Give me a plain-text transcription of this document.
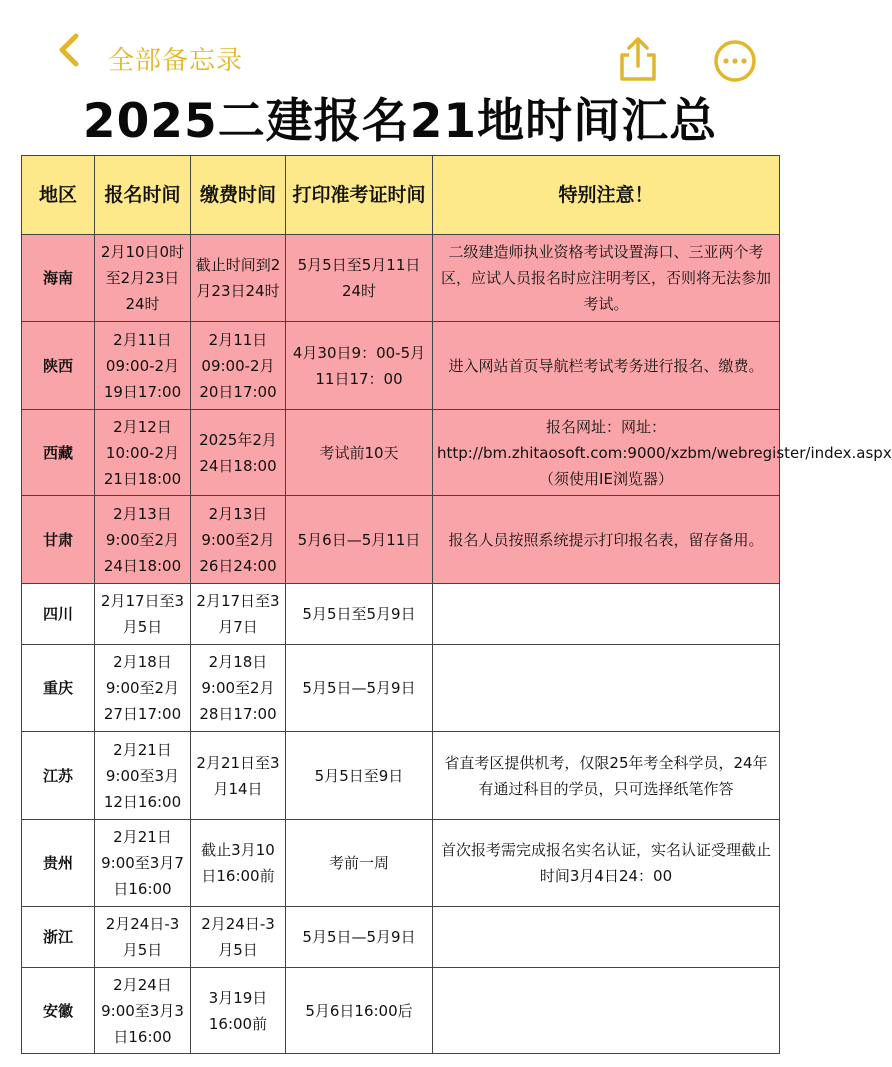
全部备忘录
2025二建报名21地时间汇总
地区	报名时间	缴费时间	打印准考证时间	特别注意！
海南	2月10日0时至2月23日24时	截止时间到2月23日24时	5月5日至5月11日24时	二级建造师执业资格考试设置海口、三亚两个考区，应试人员报名时应注明考区，否则将无法参加考试。
陕西	2月11日09:00-2月19日17:00	2月11日09:00-2月20日17:00	4月30日9：00-5月11日17：00	进入网站首页导航栏考试考务进行报名、缴费。
西藏	2月12日10:00-2月21日18:00	2025年2月24日18:00	考试前10天	报名网址：网址：http://bm.zhitaosoft.com:9000/xzbm/webregister/index.aspx（须使用IE浏览器）
甘肃	2月13日9:00至2月24日18:00	2月13日9:00至2月26日24:00	5月6日—5月11日	报名人员按照系统提示打印报名表，留存备用。
四川	2月17日至3月5日	2月17日至3月7日	5月5日至5月9日	
重庆	2月18日9:00至2月27日17:00	2月18日9:00至2月28日17:00	5月5日—5月9日	
江苏	2月21日9:00至3月12日16:00	2月21日至3月14日	5月5日至9日	省直考区提供机考，仅限25年考全科学员，24年有通过科目的学员，只可选择纸笔作答
贵州	2月21日9:00至3月7日16:00	截止3月10日16:00前	考前一周	首次报考需完成报名实名认证，实名认证受理截止时间3月4日24：00
浙江	2月24日-3月5日	2月24日-3月5日	5月5日—5月9日	
安徽	2月24日9:00至3月3日16:00	3月19日16:00前	5月6日16:00后	
